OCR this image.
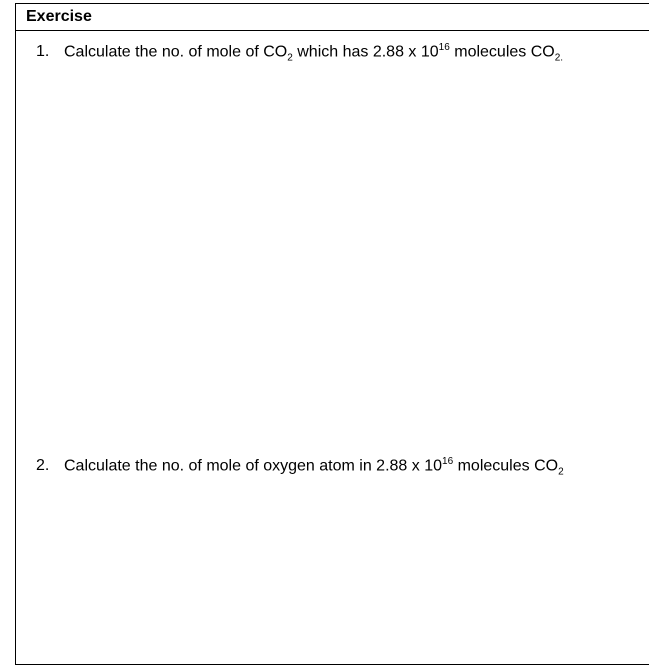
Exercise
1. Calculate the no. of mole of $CO_2$ which has 2.88 x $10^{16}$ molecules $CO_{2.}$
2. Calculate the no. of mole of oxygen atom in 2.88 x $10^{16}$ molecules $CO_2$
